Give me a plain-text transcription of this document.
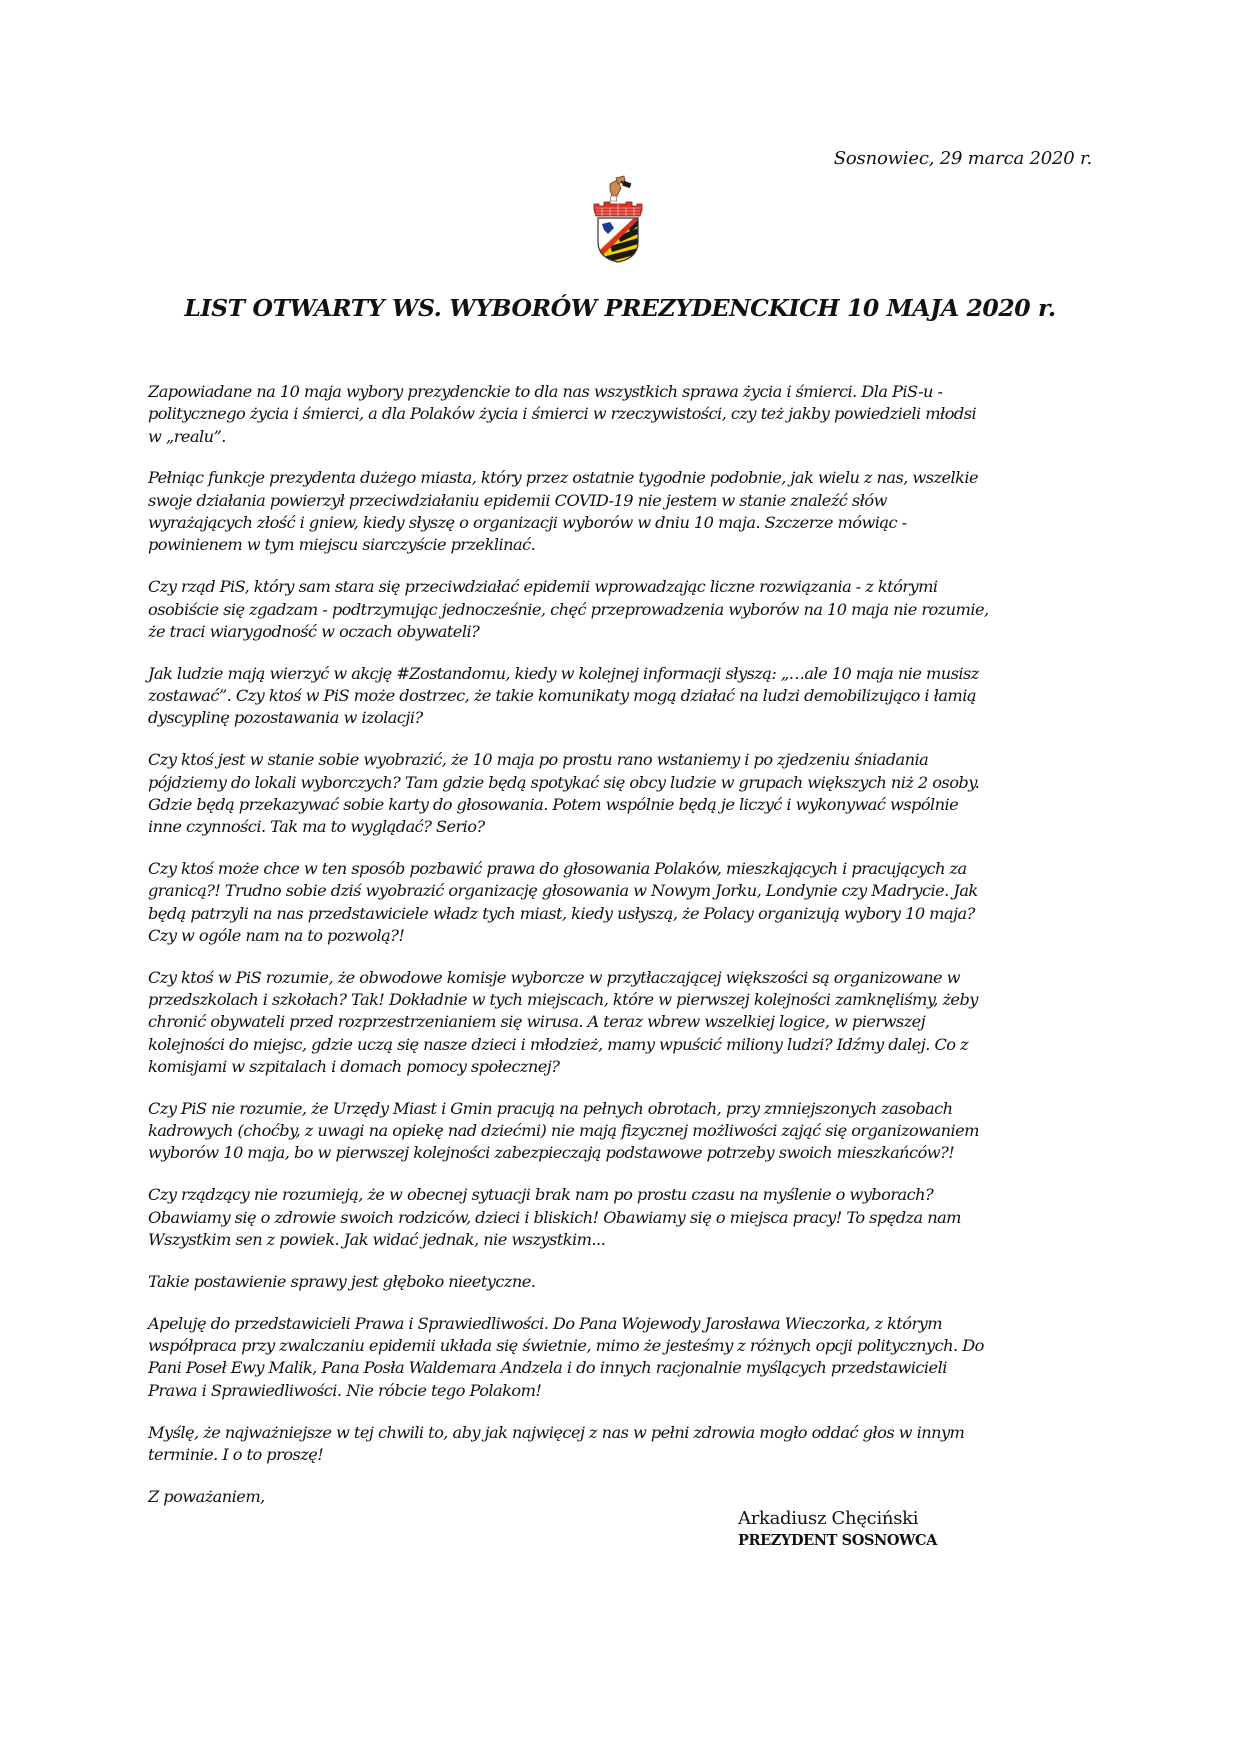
Sosnowiec, 29 marca 2020 r.
LIST OTWARTY WS. WYBORÓW PREZYDENCKICH 10 MAJA 2020 r.

Zapowiadane na 10 maja wybory prezydenckie to dla nas wszystkich sprawa życia i śmierci. Dla PiS-u -
politycznego życia i śmierci, a dla Polaków życia i śmierci w rzeczywistości, czy też jakby powiedzieli młodsi
w „realu”.

Pełniąc funkcje prezydenta dużego miasta, który przez ostatnie tygodnie podobnie, jak wielu z nas, wszelkie
swoje działania powierzył przeciwdziałaniu epidemii COVID-19 nie jestem w stanie znaleźć słów
wyrażających złość i gniew, kiedy słyszę o organizacji wyborów w dniu 10 maja. Szczerze mówiąc -
powinienem w tym miejscu siarczyście przeklinać.

Czy rząd PiS, który sam stara się przeciwdziałać epidemii wprowadzając liczne rozwiązania - z którymi
osobiście się zgadzam - podtrzymując jednocześnie, chęć przeprowadzenia wyborów na 10 maja nie rozumie,
że traci wiarygodność w oczach obywateli?

Jak ludzie mają wierzyć w akcję #Zostandomu, kiedy w kolejnej informacji słyszą: „…ale 10 maja nie musisz
zostawać”. Czy ktoś w PiS może dostrzec, że takie komunikaty mogą działać na ludzi demobilizująco i łamią
dyscyplinę pozostawania w izolacji?

Czy ktoś jest w stanie sobie wyobrazić, że 10 maja po prostu rano wstaniemy i po zjedzeniu śniadania
pójdziemy do lokali wyborczych? Tam gdzie będą spotykać się obcy ludzie w grupach większych niż 2 osoby.
Gdzie będą przekazywać sobie karty do głosowania. Potem wspólnie będą je liczyć i wykonywać wspólnie
inne czynności. Tak ma to wyglądać? Serio?

Czy ktoś może chce w ten sposób pozbawić prawa do głosowania Polaków, mieszkających i pracujących za
granicą?! Trudno sobie dziś wyobrazić organizację głosowania w Nowym Jorku, Londynie czy Madrycie. Jak
będą patrzyli na nas przedstawiciele władz tych miast, kiedy usłyszą, że Polacy organizują wybory 10 maja?
Czy w ogóle nam na to pozwolą?!

Czy ktoś w PiS rozumie, że obwodowe komisje wyborcze w przytłaczającej większości są organizowane w
przedszkolach i szkołach? Tak! Dokładnie w tych miejscach, które w pierwszej kolejności zamknęliśmy, żeby
chronić obywateli przed rozprzestrzenianiem się wirusa. A teraz wbrew wszelkiej logice, w pierwszej
kolejności do miejsc, gdzie uczą się nasze dzieci i młodzież, mamy wpuścić miliony ludzi? Idźmy dalej. Co z
komisjami w szpitalach i domach pomocy społecznej?

Czy PiS nie rozumie, że Urzędy Miast i Gmin pracują na pełnych obrotach, przy zmniejszonych zasobach
kadrowych (choćby, z uwagi na opiekę nad dziećmi) nie mają fizycznej możliwości zająć się organizowaniem
wyborów 10 maja, bo w pierwszej kolejności zabezpieczają podstawowe potrzeby swoich mieszkańców?!

Czy rządzący nie rozumieją, że w obecnej sytuacji brak nam po prostu czasu na myślenie o wyborach?
Obawiamy się o zdrowie swoich rodziców, dzieci i bliskich! Obawiamy się o miejsca pracy! To spędza nam
Wszystkim sen z powiek. Jak widać jednak, nie wszystkim...

Takie postawienie sprawy jest głęboko nieetyczne.

Apeluję do przedstawicieli Prawa i Sprawiedliwości. Do Pana Wojewody Jarosława Wieczorka, z którym
współpraca przy zwalczaniu epidemii układa się świetnie, mimo że jesteśmy z różnych opcji politycznych. Do
Pani Poseł Ewy Malik, Pana Posła Waldemara Andzela i do innych racjonalnie myślących przedstawicieli
Prawa i Sprawiedliwości. Nie róbcie tego Polakom!

Myślę, że najważniejsze w tej chwili to, aby jak najwięcej z nas w pełni zdrowia mogło oddać głos w innym
terminie. I o to proszę!

Z poważaniem,

Arkadiusz Chęciński
PREZYDENT SOSNOWCA
